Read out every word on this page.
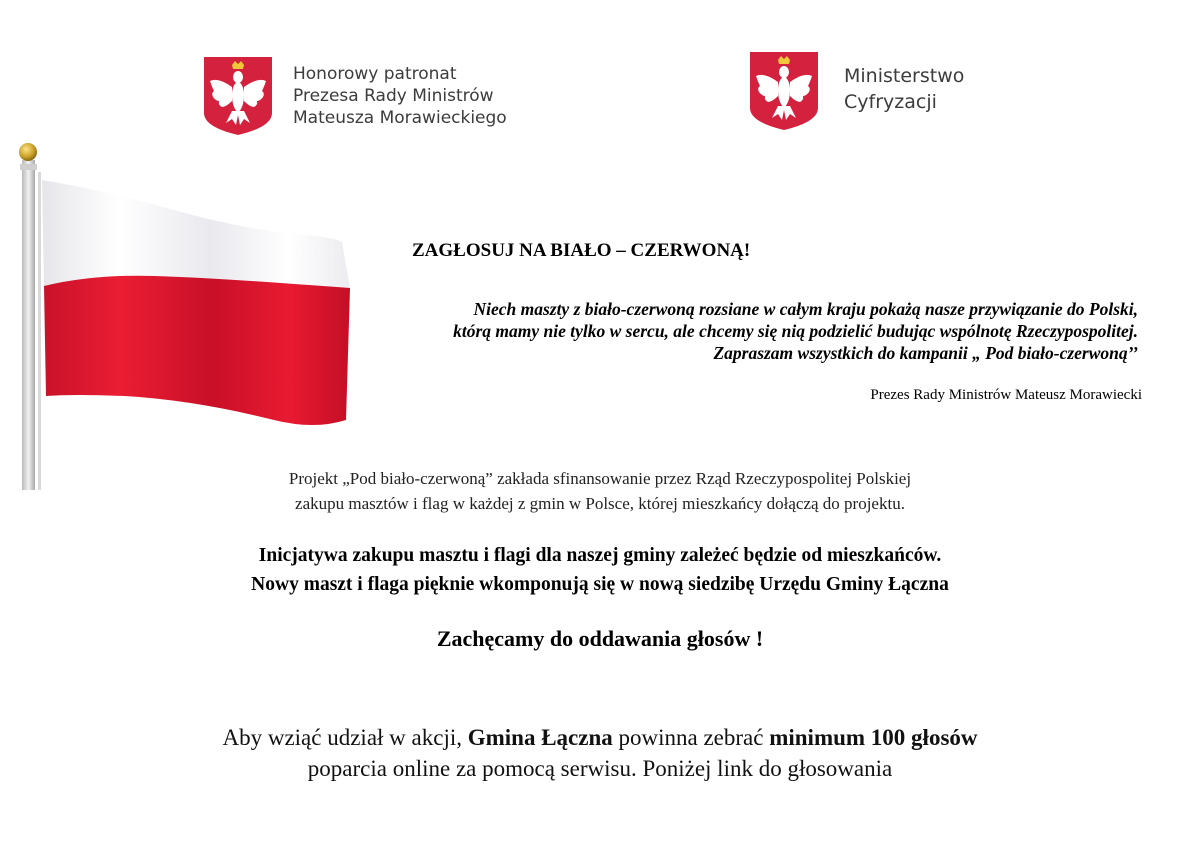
Honorowy patronat
Prezesa Rady Ministrów
Mateusza Morawieckiego
Ministerstwo
Cyfryzacji
ZAGŁOSUJ NA BIAŁO – CZERWONĄ!
Niech maszty z biało-czerwoną rozsiane w całym kraju pokażą nasze przywiązanie do Polski,
którą mamy nie tylko w sercu, ale chcemy się nią podzielić budując wspólnotę Rzeczypospolitej.
Zapraszam wszystkich do kampanii „ Pod biało-czerwoną’’
Prezes Rady Ministrów Mateusz Morawiecki
Projekt „Pod biało-czerwoną” zakłada sfinansowanie przez Rząd Rzeczypospolitej Polskiej
zakupu masztów i flag w każdej z gmin w Polsce, której mieszkańcy dołączą do projektu.
Inicjatywa zakupu masztu i flagi dla naszej gminy zależeć będzie od mieszkańców.
Nowy maszt i flaga pięknie wkomponują się w nową siedzibę Urzędu Gminy Łączna
Zachęcamy do oddawania głosów !
Aby wziąć udział w akcji, Gmina Łączna powinna zebrać minimum 100 głosów
poparcia online za pomocą serwisu. Poniżej link do głosowania
